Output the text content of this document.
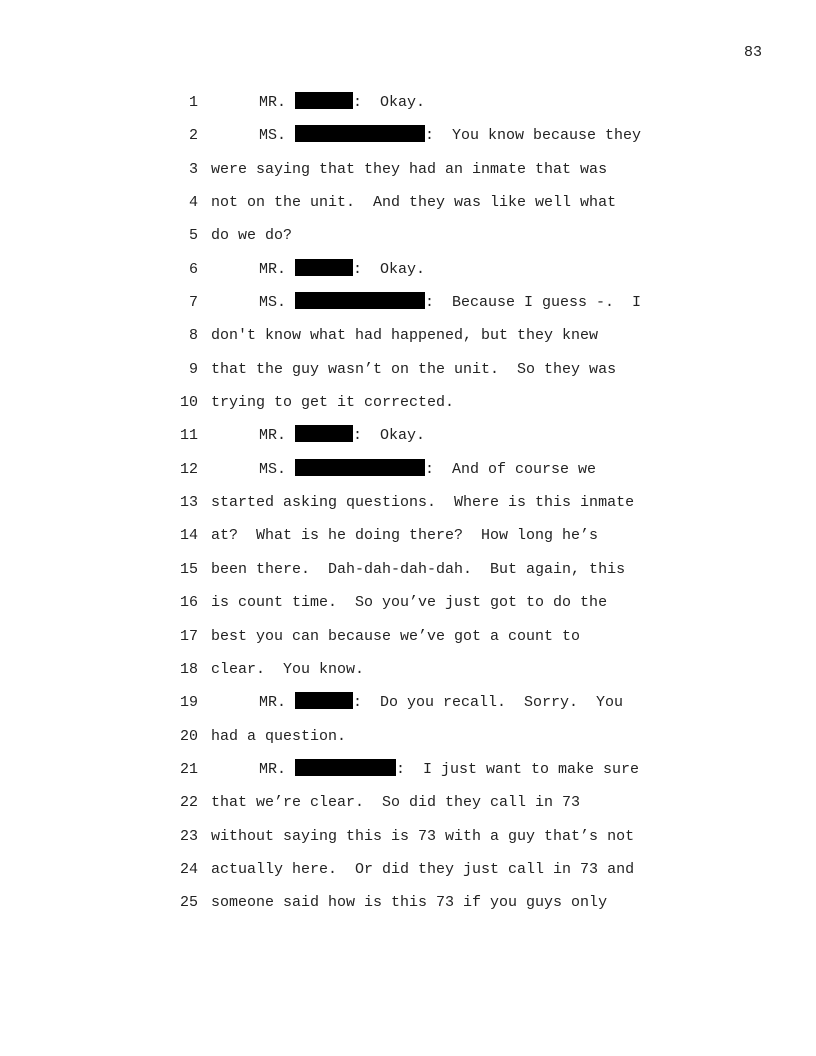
83
1	MR.	:  Okay.
2	MS.	:  You know because they
3 were saying that they had an inmate that was
4 not on the unit.  And they was like well what
5 do we do?
6	MR.	:  Okay.
7	MS.	:  Because I guess -.  I
8 don't know what had happened, but they knew
9 that the guy wasn’t on the unit.  So they was
10 trying to get it corrected.
11	MR.	:  Okay.
12	MS.	:  And of course we
13 started asking questions.  Where is this inmate
14 at?  What is he doing there?  How long he’s
15 been there.  Dah-dah-dah-dah.  But again, this
16 is count time.  So you’ve just got to do the
17 best you can because we’ve got a count to
18 clear.  You know.
19	MR.	:  Do you recall.  Sorry.  You
20 had a question.
21	MR.	:  I just want to make sure
22 that we’re clear.  So did they call in 73
23 without saying this is 73 with a guy that’s not
24 actually here.  Or did they just call in 73 and
25 someone said how is this 73 if you guys only
